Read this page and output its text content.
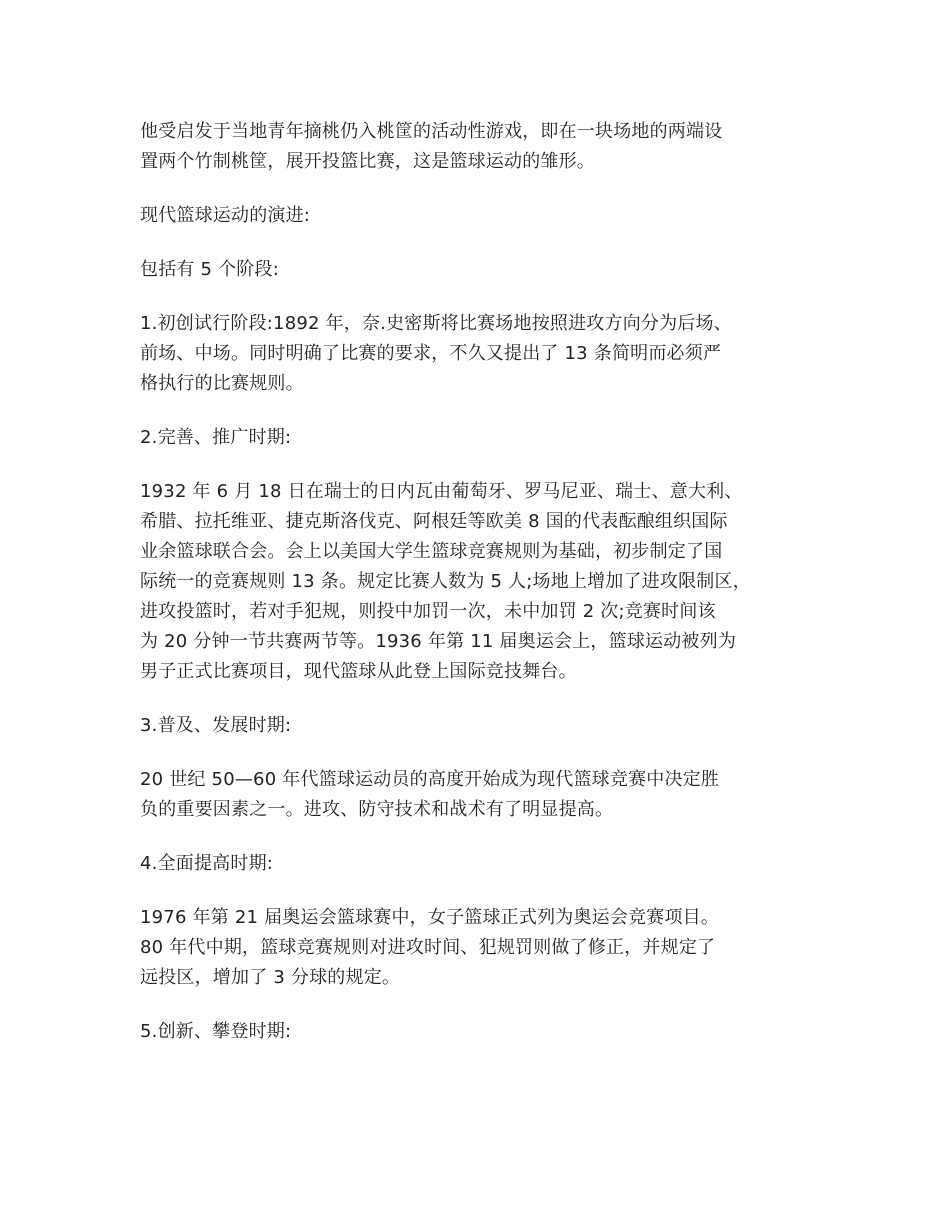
他受启发于当地青年摘桃仍入桃筐的活动性游戏，即在一块场地的两端设
置两个竹制桃筐，展开投篮比赛，这是篮球运动的雏形。

现代篮球运动的演进:

包括有 5 个阶段:

1.初创试行阶段:1892 年，奈.史密斯将比赛场地按照进攻方向分为后场、
前场、中场。同时明确了比赛的要求，不久又提出了 13 条简明而必须严
格执行的比赛规则。

2.完善、推广时期:

1932 年 6 月 18 日在瑞士的日内瓦由葡萄牙、罗马尼亚、瑞士、意大利、
希腊、拉托维亚、捷克斯洛伐克、阿根廷等欧美 8 国的代表酝酿组织国际
业余篮球联合会。会上以美国大学生篮球竞赛规则为基础，初步制定了国
际统一的竞赛规则 13 条。规定比赛人数为 5 人;场地上增加了进攻限制区，
进攻投篮时，若对手犯规，则投中加罚一次，未中加罚 2 次;竞赛时间该
为 20 分钟一节共赛两节等。1936 年第 11 届奥运会上，篮球运动被列为
男子正式比赛项目，现代篮球从此登上国际竞技舞台。

3.普及、发展时期:

20 世纪 50—60 年代篮球运动员的高度开始成为现代篮球竞赛中决定胜
负的重要因素之一。进攻、防守技术和战术有了明显提高。

4.全面提高时期:

1976 年第 21 届奥运会篮球赛中，女子篮球正式列为奥运会竞赛项目。
80 年代中期，篮球竞赛规则对进攻时间、犯规罚则做了修正，并规定了
远投区，增加了 3 分球的规定。

5.创新、攀登时期:
